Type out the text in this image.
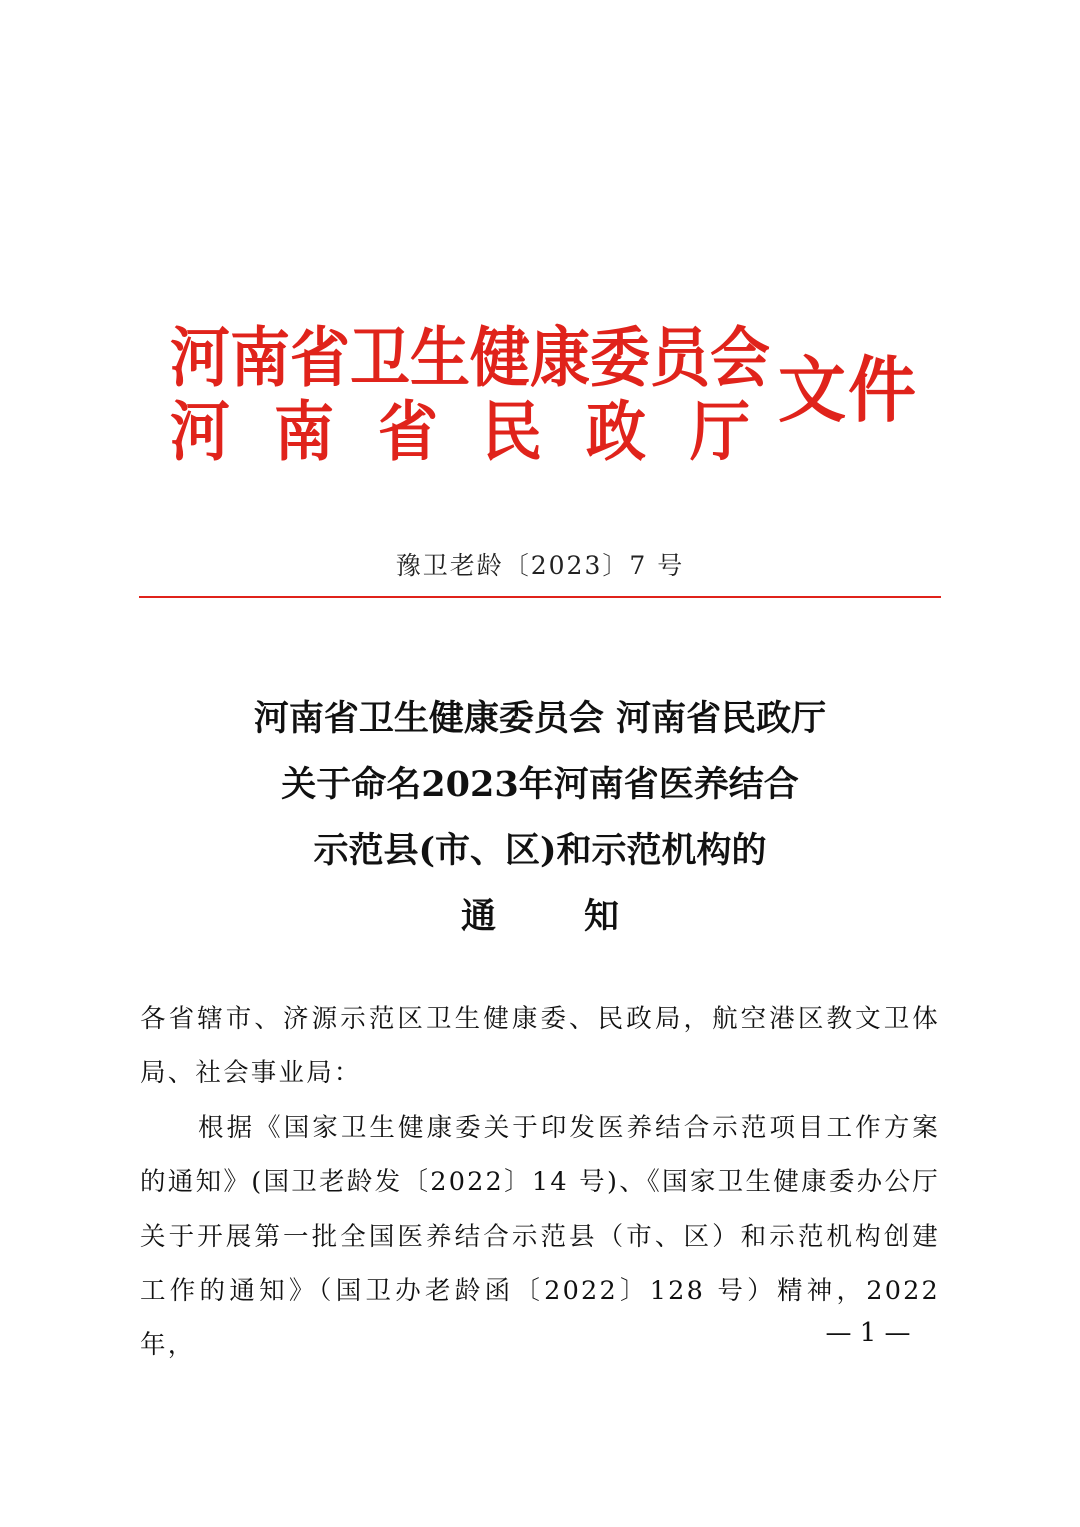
河南省卫生健康委员会
河 南 省 民 政 厅 文件
豫卫老龄〔2023〕7 号
河南省卫生健康委员会 河南省民政厅
关于命名2023年河南省医养结合
示范县(市、区)和示范机构的
通	知

各省辖市、济源示范区卫生健康委、民政局，航空港区教文卫体局、社会事业局：

根据《国家卫生健康委关于印发医养结合示范项目工作方案的通知》(国卫老龄发〔2022〕14 号)、《国家卫生健康委办公厅关于开展第一批全国医养结合示范县（市、区）和示范机构创建工作的通知》（国卫办老龄函〔2022〕128 号）精神，2022 年，	— 1 —
